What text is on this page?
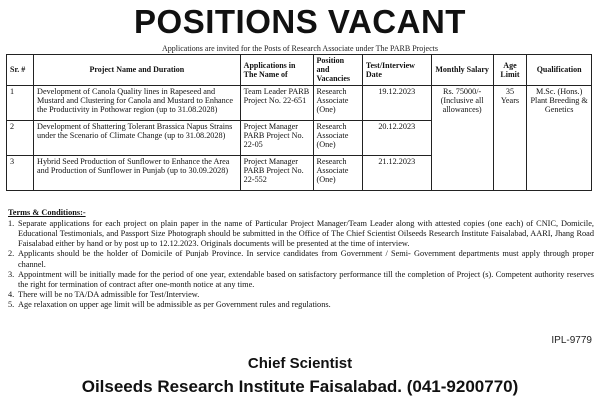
POSITIONS VACANT
Applications are invited for the Posts of Research Associate under The PARB Projects
Sr. #	Project Name and Duration	Applications in The Name of	Position and Vacancies	Test/Interview Date	Monthly Salary	Age Limit	Qualification
1	Development of Canola Quality lines in Rapeseed and Mustard and Clustering for Canola and Mustard to Enhance the Productivity in Pothowar region (up to 31.08.2028)	Team Leader PARB Project No. 22-651	Research Associate (One)	19.12.2023	Rs. 75000/- (Inclusive all allowances)	35 Years	M.Sc. (Hons.) Plant Breeding & Genetics
2	Development of Shattering Tolerant Brassica Napus Strains under the Scenario of Climate Change (up to 31.08.2028)	Project Manager PARB Project No. 22-05	Research Associate (One)	20.12.2023			
3	Hybrid Seed Production of Sunflower to Enhance the Area and Production of Sunflower in Punjab (up to 30.09.2028)	Project Manager PARB Project No. 22-552	Research Associate (One)	21.12.2023			
Terms & Conditions:-
1. Separate applications for each project on plain paper in the name of Particular Project Manager/Team Leader along with attested copies (one each) of CNIC, Domicile, Educational Testimonials, and Passport Size Photograph should be submitted in the Office of The Chief Scientist Oilseeds Research Institute Faisalabad, AARI, Jhang Road Faisalabad either by hand or by post up to 12.12.2023. Originals documents will be presented at the time of interview.
2. Applicants should be the holder of Domicile of Punjab Province. In service candidates from Government / Semi- Government departments must apply through proper channel.
3. Appointment will be initially made for the period of one year, extendable based on satisfactory performance till the completion of Project (s). Competent authority reserves the right for termination of contract after one-month notice at any time.
4. There will be no TA/DA admissible for Test/Interview.
5. Age relaxation on upper age limit will be admissible as per Government rules and regulations.
IPL-9779
Chief Scientist
Oilseeds Research Institute Faisalabad. (041-9200770)
